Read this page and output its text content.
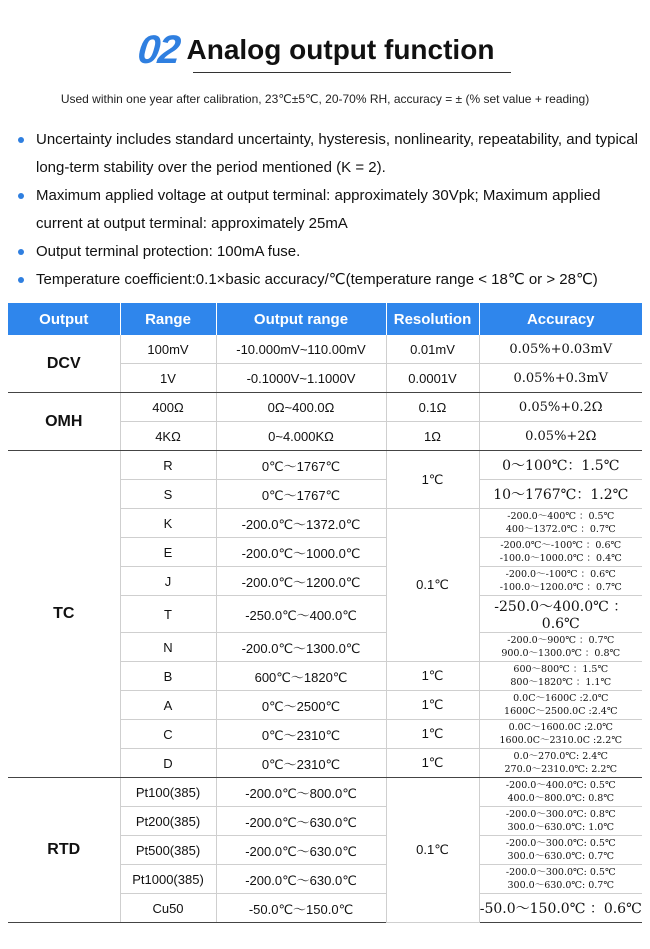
02 Analog output function
Used within one year after calibration, 23℃±5℃, 20-70% RH, accuracy = ± (% set value + reading)
Uncertainty includes standard uncertainty, hysteresis, nonlinearity, repeatability, and typical long-term stability over the period mentioned (K = 2).
Maximum applied voltage at output terminal: approximately 30Vpk; Maximum applied current at output terminal: approximately 25mA
Output terminal protection: 100mA fuse.
Temperature coefficient:0.1×basic accuracy/℃(temperature range < 18℃ or > 28℃)
Output	Range	Output range	Resolution	Accuracy
DCV	100mV	-10.000mV~110.00mV	0.01mV	0.05%+0.03mV
	1V	-0.1000V~1.1000V	0.0001V	0.05%+0.3mV
OMH	400Ω	0Ω~400.0Ω	0.1Ω	0.05%+0.2Ω
	4KΩ	0~4.000KΩ	1Ω	0.05%+2Ω
TC	R	0℃～1767℃	1℃	0～100℃：1.5℃
	S	0℃～1767℃		10～1767℃：1.2℃
	K	-200.0℃～1372.0℃	0.1℃	-200.0～400℃ ：0.5℃
400～1372.0℃ ：0.7℃

	E	-200.0℃～1000.0℃		-200.0℃～-100℃ ：0.6℃
-100.0～1000.0℃ ：0.4℃

	J	-200.0℃～1200.0℃		-200.0～-100℃ ：0.6℃
-100.0～1200.0℃ ：0.7℃

	T	-250.0℃～400.0℃		-250.0～400.0℃ ：0.6℃
	N	-200.0℃～1300.0℃		-200.0～900℃ ：0.7℃
900.0～1300.0℃ ：0.8℃

	B	600℃～1820℃	1℃	600～800℃ ：1.5℃
800～1820℃ ：1.1℃

	A	0℃～2500℃	1℃	0.0C～1600C :2.0℃
1600C～2500.0C :2.4℃

	C	0℃～2310℃	1℃	0.0C～1600.0C :2.0℃
1600.0C～2310.0C :2.2℃

	D	0℃～2310℃	1℃	0.0～270.0℃: 2.4℃
270.0～2310.0℃: 2.2℃

RTD	Pt100(385)	-200.0℃～800.0℃	0.1℃	-200.0～400.0℃: 0.5℃
400.0～800.0℃: 0.8℃

	Pt200(385)	-200.0℃～630.0℃		-200.0～300.0℃: 0.8℃
300.0～630.0℃: 1.0℃

	Pt500(385)	-200.0℃～630.0℃		-200.0～300.0℃: 0.5℃
300.0～630.0℃: 0.7℃

	Pt1000(385)	-200.0℃～630.0℃		-200.0～300.0℃: 0.5℃
300.0～630.0℃: 0.7℃

	Cu50	-50.0℃～150.0℃		-50.0～150.0℃ ：0.6℃
